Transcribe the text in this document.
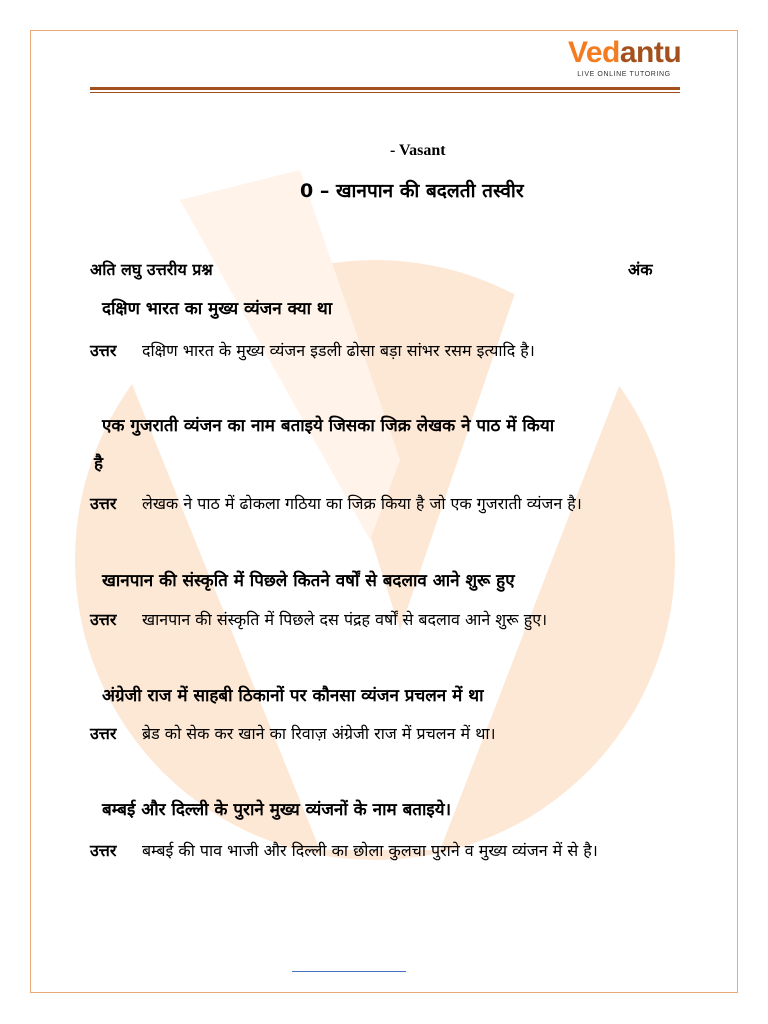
Vedantu
LIVE ONLINE TUTORING
- Vasant
0 – खानपान की बदलती तस्वीर
अति लघु उत्तरीय प्रश्न	अंक
दक्षिण भारत का मुख्य व्यंजन क्या था
उत्तर दक्षिण भारत के मुख्य व्यंजन इडली ढोसा बड़ा सांभर रसम इत्यादि है।
एक गुजराती व्यंजन का नाम बताइये जिसका जिक्र लेखक ने पाठ में किया
है
उत्तर लेखक ने पाठ में ढोकला गठिया का जिक्र किया है जो एक गुजराती व्यंजन है।
खानपान की संस्कृति में पिछले कितने वर्षों से बदलाव आने शुरू हुए
उत्तर खानपान की संस्कृति में पिछले दस पंद्रह वर्षों से बदलाव आने शुरू हुए।
अंग्रेजी राज में साहबी ठिकानों पर कौनसा व्यंजन प्रचलन में था
उत्तर ब्रेड को सेक कर खाने का रिवाज़ अंग्रेजी राज में प्रचलन में था।
बम्बई और दिल्ली के पुराने मुख्य व्यंजनों के नाम बताइये।
उत्तर बम्बई की पाव भाजी और दिल्ली का छोला कुलचा पुराने व मुख्य व्यंजन में से है।
